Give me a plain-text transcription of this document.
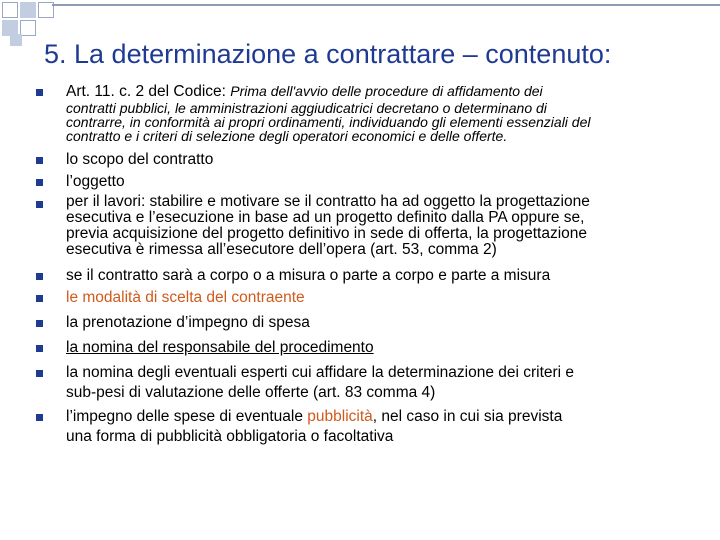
5. La determinazione a contrattare – contenuto:
Art. 11. c. 2 del Codice: Prima dell'avvio delle procedure di affidamento dei
contratti pubblici, le amministrazioni aggiudicatrici decretano o determinano di
contrarre, in conformità ai propri ordinamenti, individuando gli elementi essenziali del
contratto e i criteri di selezione degli operatori economici e delle offerte.
lo scopo del contratto
l’oggetto
per il lavori: stabilire e motivare se il contratto ha ad oggetto la progettazione
esecutiva e l’esecuzione in base ad un progetto definito dalla PA oppure se,
previa acquisizione del progetto definitivo in sede di offerta, la progettazione
esecutiva è rimessa all’esecutore dell’opera (art. 53, comma 2)
se il contratto sarà a corpo o a misura o parte a corpo e parte a misura
le modalità di scelta del contraente
la prenotazione d’impegno di spesa
la nomina del responsabile del procedimento
la nomina degli eventuali esperti cui affidare la determinazione dei criteri e
sub-pesi di valutazione delle offerte (art. 83 comma 4)
l’impegno delle spese di eventuale pubblicità, nel caso in cui sia prevista
una forma di pubblicità obbligatoria o facoltativa
